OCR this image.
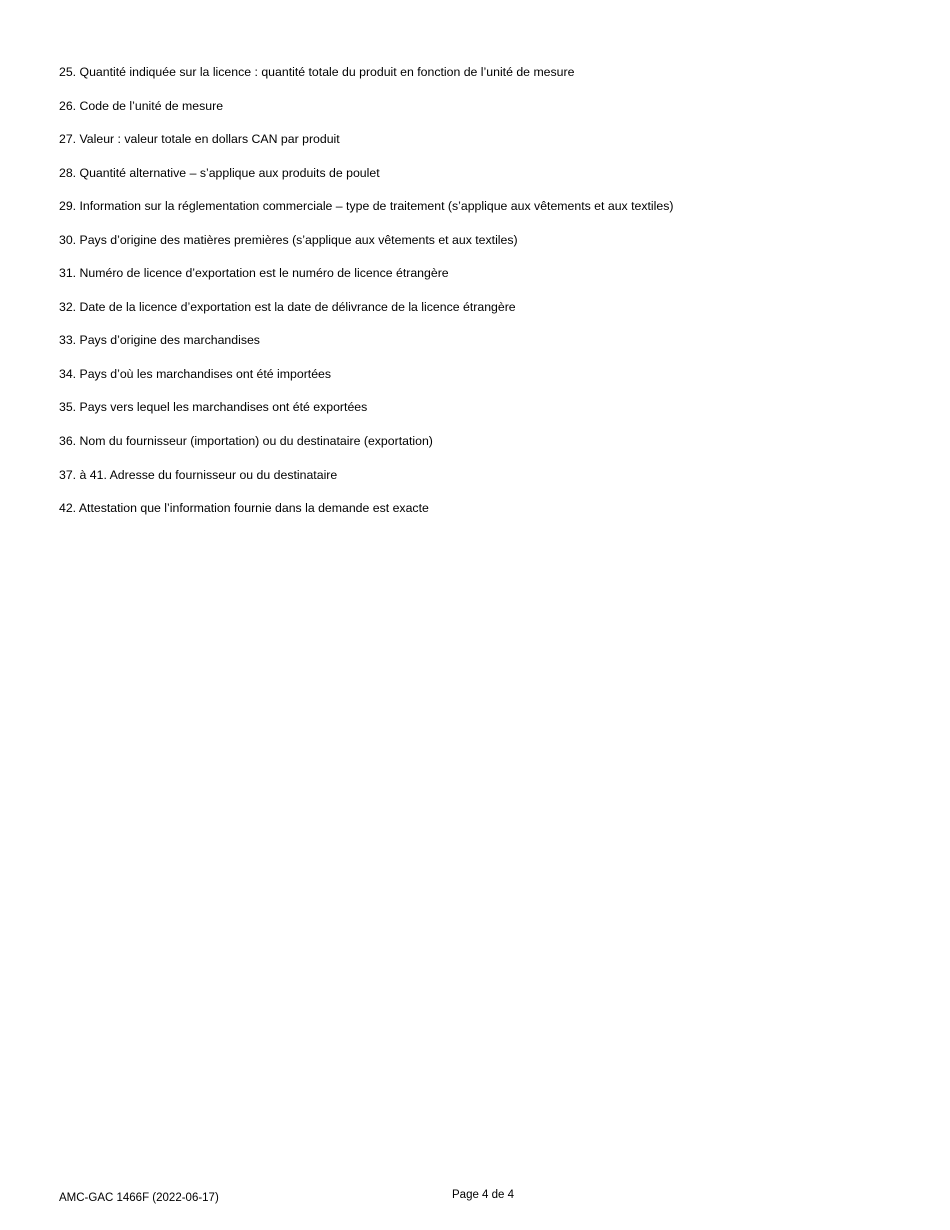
25. Quantité indiquée sur la licence : quantité totale du produit en fonction de l’unité de mesure
26. Code de l’unité de mesure
27. Valeur : valeur totale en dollars CAN par produit
28. Quantité alternative – s’applique aux produits de poulet
29. Information sur la réglementation commerciale – type de traitement (s’applique aux vêtements et aux textiles)
30. Pays d’origine des matières premières (s’applique aux vêtements et aux textiles)
31. Numéro de licence d’exportation est le numéro de licence étrangère
32. Date de la licence d’exportation est la date de délivrance de la licence étrangère
33. Pays d’origine des marchandises
34. Pays d’où les marchandises ont été importées
35. Pays vers lequel les marchandises ont été exportées
36. Nom du fournisseur (importation) ou du destinataire (exportation)
37. à 41. Adresse du fournisseur ou du destinataire
42. Attestation que l’information fournie dans la demande est exacte
AMC-GAC 1466F (2022-06-17)	Page 4 de 4
